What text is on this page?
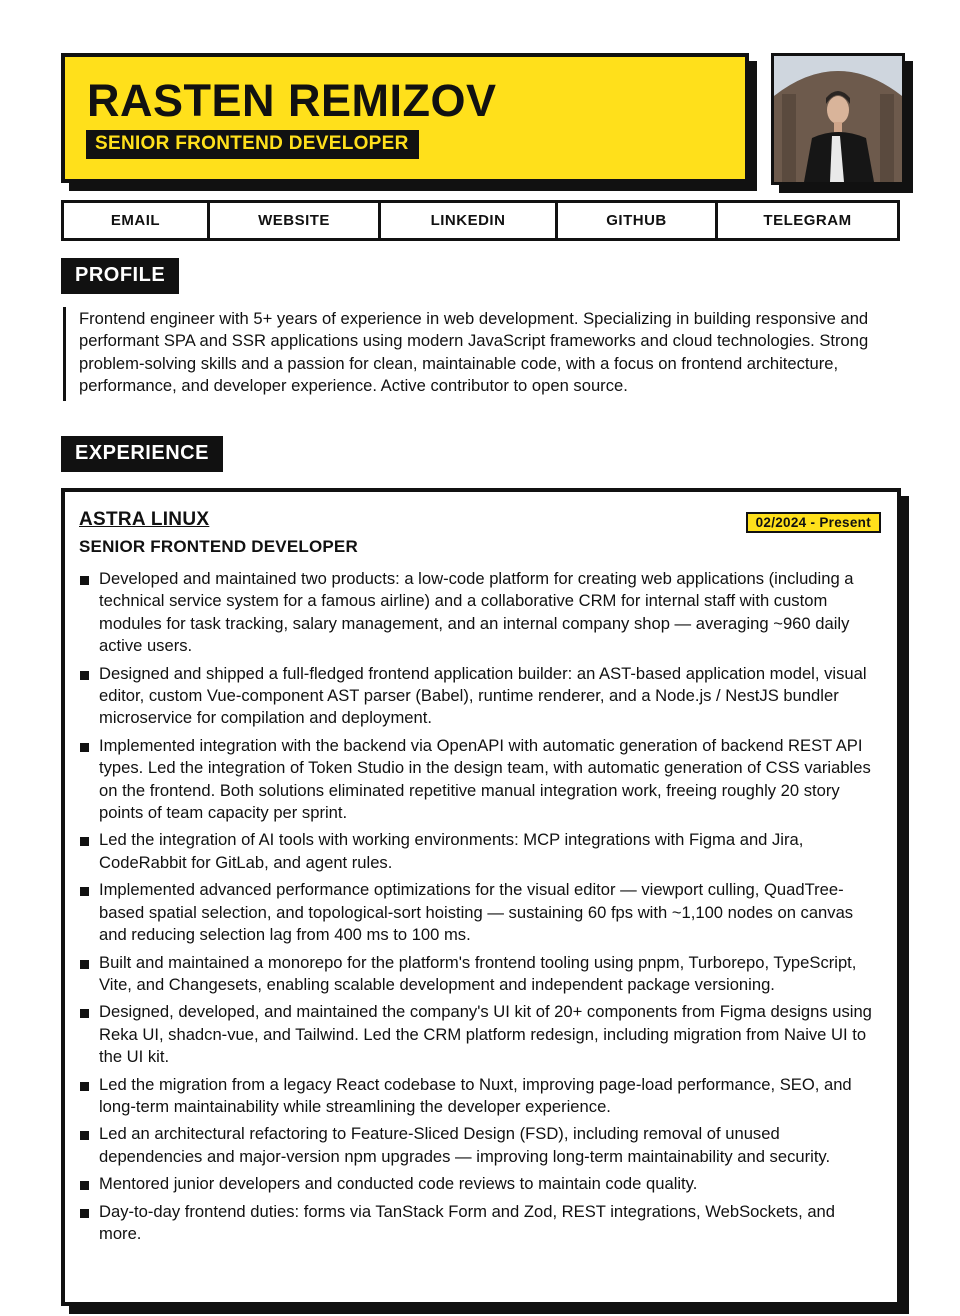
RASTEN REMIZOV
SENIOR FRONTEND DEVELOPER
EMAIL	WEBSITE	LINKEDIN	GITHUB	TELEGRAM
PROFILE

Frontend engineer with 5+ years of experience in web development. Specializing in building responsive and performant SPA and SSR applications using modern JavaScript frameworks and cloud technologies. Strong problem-solving skills and a passion for clean, maintainable code, with a focus on frontend architecture, performance, and developer experience. Active contributor to open source.

EXPERIENCE
ASTRA LINUX	02/2024 - Present
SENIOR FRONTEND DEVELOPER
Developed and maintained two products: a low-code platform for creating web applications (including a technical service system for a famous airline) and a collaborative CRM for internal staff with custom modules for task tracking, salary management, and an internal company shop — averaging ~960 daily active users.
Designed and shipped a full-fledged frontend application builder: an AST-based application model, visual editor, custom Vue-component AST parser (Babel), runtime renderer, and a Node.js / NestJS bundler microservice for compilation and deployment.
Implemented integration with the backend via OpenAPI with automatic generation of backend REST API types. Led the integration of Token Studio in the design team, with automatic generation of CSS variables on the frontend. Both solutions eliminated repetitive manual integration work, freeing roughly 20 story points of team capacity per sprint.
Led the integration of AI tools with working environments: MCP integrations with Figma and Jira, CodeRabbit for GitLab, and agent rules.
Implemented advanced performance optimizations for the visual editor — viewport culling, QuadTree-based spatial selection, and topological-sort hoisting — sustaining 60 fps with ~1,100 nodes on canvas and reducing selection lag from 400 ms to 100 ms.
Built and maintained a monorepo for the platform's frontend tooling using pnpm, Turborepo, TypeScript, Vite, and Changesets, enabling scalable development and independent package versioning.
Designed, developed, and maintained the company's UI kit of 20+ components from Figma designs using Reka UI, shadcn-vue, and Tailwind. Led the CRM platform redesign, including migration from Naive UI to the UI kit.
Led the migration from a legacy React codebase to Nuxt, improving page-load performance, SEO, and long-term maintainability while streamlining the developer experience.
Led an architectural refactoring to Feature-Sliced Design (FSD), including removal of unused dependencies and major-version npm upgrades — improving long-term maintainability and security.
Mentored junior developers and conducted code reviews to maintain code quality.
Day-to-day frontend duties: forms via TanStack Form and Zod, REST integrations, WebSockets, and more.
